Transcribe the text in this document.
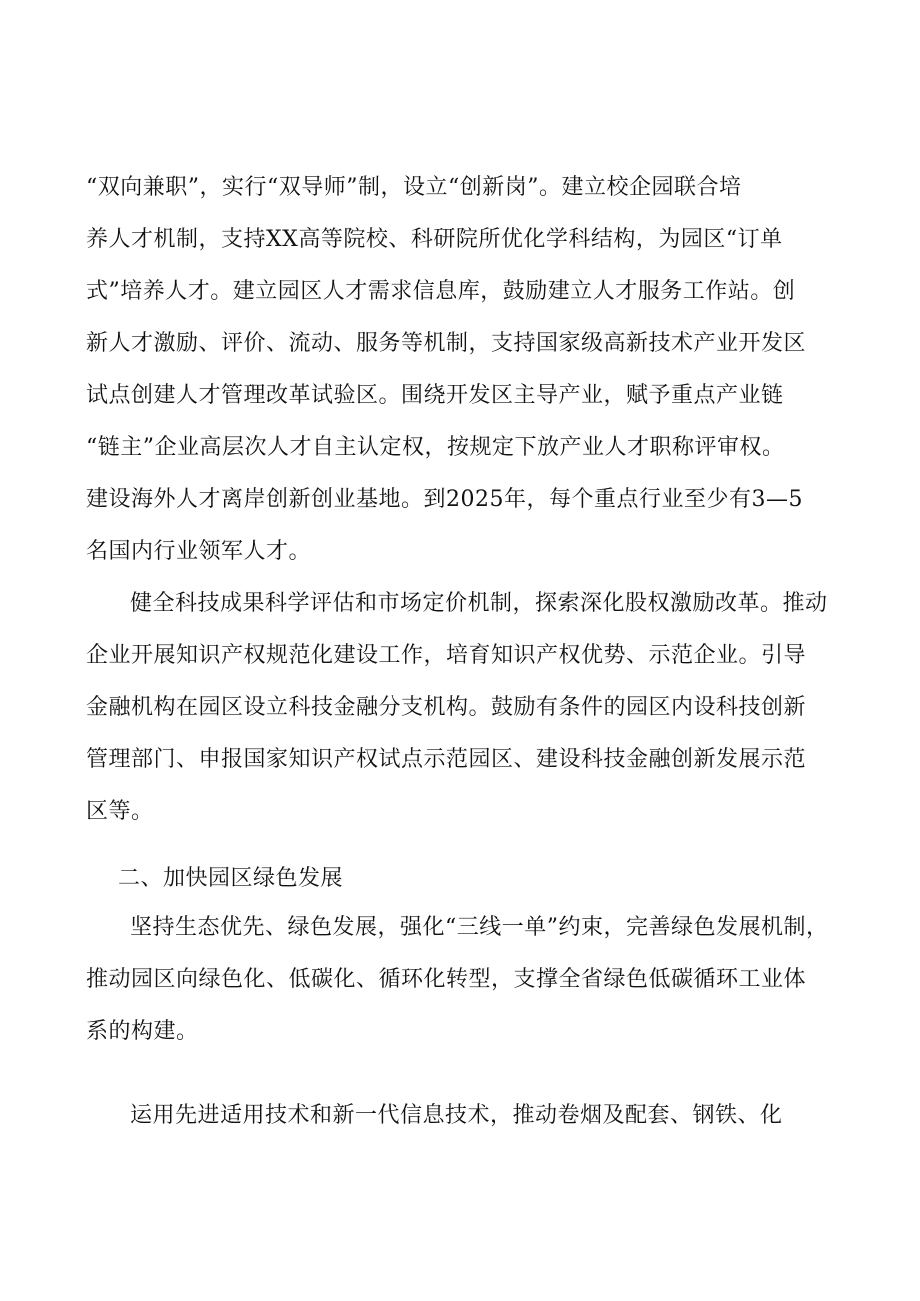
“双向兼职”，实行“双导师”制，设立“创新岗”。建立校企园联合培
养人才机制，支持XX高等院校、科研院所优化学科结构，为园区“订单
式”培养人才。建立园区人才需求信息库，鼓励建立人才服务工作站。创
新人才激励、评价、流动、服务等机制，支持国家级高新技术产业开发区
试点创建人才管理改革试验区。围绕开发区主导产业，赋予重点产业链
“链主”企业高层次人才自主认定权，按规定下放产业人才职称评审权。
建设海外人才离岸创新创业基地。到2025年，每个重点行业至少有3—5
名国内行业领军人才。
健全科技成果科学评估和市场定价机制，探索深化股权激励改革。推动
企业开展知识产权规范化建设工作，培育知识产权优势、示范企业。引导
金融机构在园区设立科技金融分支机构。鼓励有条件的园区内设科技创新
管理部门、申报国家知识产权试点示范园区、建设科技金融创新发展示范
区等。
二、加快园区绿色发展
坚持生态优先、绿色发展，强化“三线一单”约束，完善绿色发展机制，
推动园区向绿色化、低碳化、循环化转型，支撑全省绿色低碳循环工业体
系的构建。
运用先进适用技术和新一代信息技术，推动卷烟及配套、钢铁、化
